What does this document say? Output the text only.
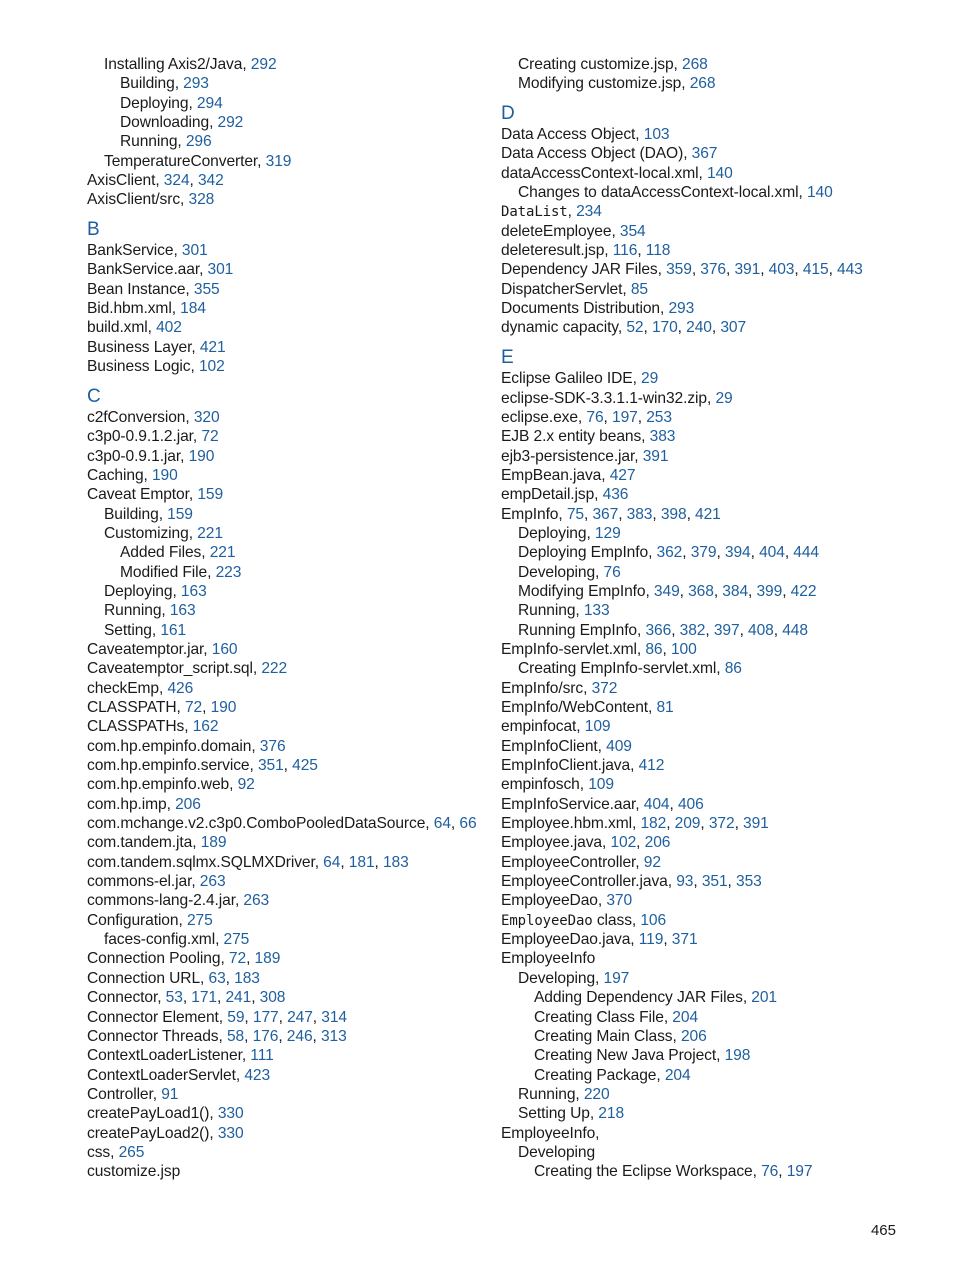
Installing Axis2/Java, 292
Building, 293
Deploying, 294
Downloading, 292
Running, 296
TemperatureConverter, 319
AxisClient, 324, 342
AxisClient/src, 328
B
BankService, 301
BankService.aar, 301
Bean Instance, 355
Bid.hbm.xml, 184
build.xml, 402
Business Layer, 421
Business Logic, 102
C
c2fConversion, 320
c3p0-0.9.1.2.jar, 72
c3p0-0.9.1.jar, 190
Caching, 190
Caveat Emptor, 159
Building, 159
Customizing, 221
Added Files, 221
Modified File, 223
Deploying, 163
Running, 163
Setting, 161
Caveatemptor.jar, 160
Caveatemptor_script.sql, 222
checkEmp, 426
CLASSPATH, 72, 190
CLASSPATHs, 162
com.hp.empinfo.domain, 376
com.hp.empinfo.service, 351, 425
com.hp.empinfo.web, 92
com.hp.imp, 206
com.mchange.v2.c3p0.ComboPooledDataSource, 64, 66
com.tandem.jta, 189
com.tandem.sqlmx.SQLMXDriver, 64, 181, 183
commons-el.jar, 263
commons-lang-2.4.jar, 263
Configuration, 275
faces-config.xml, 275
Connection Pooling, 72, 189
Connection URL, 63, 183
Connector, 53, 171, 241, 308
Connector Element, 59, 177, 247, 314
Connector Threads, 58, 176, 246, 313
ContextLoaderListener, 111
ContextLoaderServlet, 423
Controller, 91
createPayLoad1(), 330
createPayLoad2(), 330
css, 265
customize.jsp
Creating customize.jsp, 268
Modifying customize.jsp, 268
D
Data Access Object, 103
Data Access Object (DAO), 367
dataAccessContext-local.xml, 140
Changes to dataAccessContext-local.xml, 140
DataList, 234
deleteEmployee, 354
deleteresult.jsp, 116, 118
Dependency JAR Files, 359, 376, 391, 403, 415, 443
DispatcherServlet, 85
Documents Distribution, 293
dynamic capacity, 52, 170, 240, 307
E
Eclipse Galileo IDE, 29
eclipse-SDK-3.3.1.1-win32.zip, 29
eclipse.exe, 76, 197, 253
EJB 2.x entity beans, 383
ejb3-persistence.jar, 391
EmpBean.java, 427
empDetail.jsp, 436
EmpInfo, 75, 367, 383, 398, 421
Deploying, 129
Deploying EmpInfo, 362, 379, 394, 404, 444
Developing, 76
Modifying EmpInfo, 349, 368, 384, 399, 422
Running, 133
Running EmpInfo, 366, 382, 397, 408, 448
EmpInfo-servlet.xml, 86, 100
Creating EmpInfo-servlet.xml, 86
EmpInfo/src, 372
EmpInfo/WebContent, 81
empinfocat, 109
EmpInfoClient, 409
EmpInfoClient.java, 412
empinfosch, 109
EmpInfoService.aar, 404, 406
Employee.hbm.xml, 182, 209, 372, 391
Employee.java, 102, 206
EmployeeController, 92
EmployeeController.java, 93, 351, 353
EmployeeDao, 370
EmployeeDao class, 106
EmployeeDao.java, 119, 371
EmployeeInfo
Developing, 197
Adding Dependency JAR Files, 201
Creating Class File, 204
Creating Main Class, 206
Creating New Java Project, 198
Creating Package, 204
Running, 220
Setting Up, 218
EmployeeInfo,
Developing
Creating the Eclipse Workspace, 76, 197
465
